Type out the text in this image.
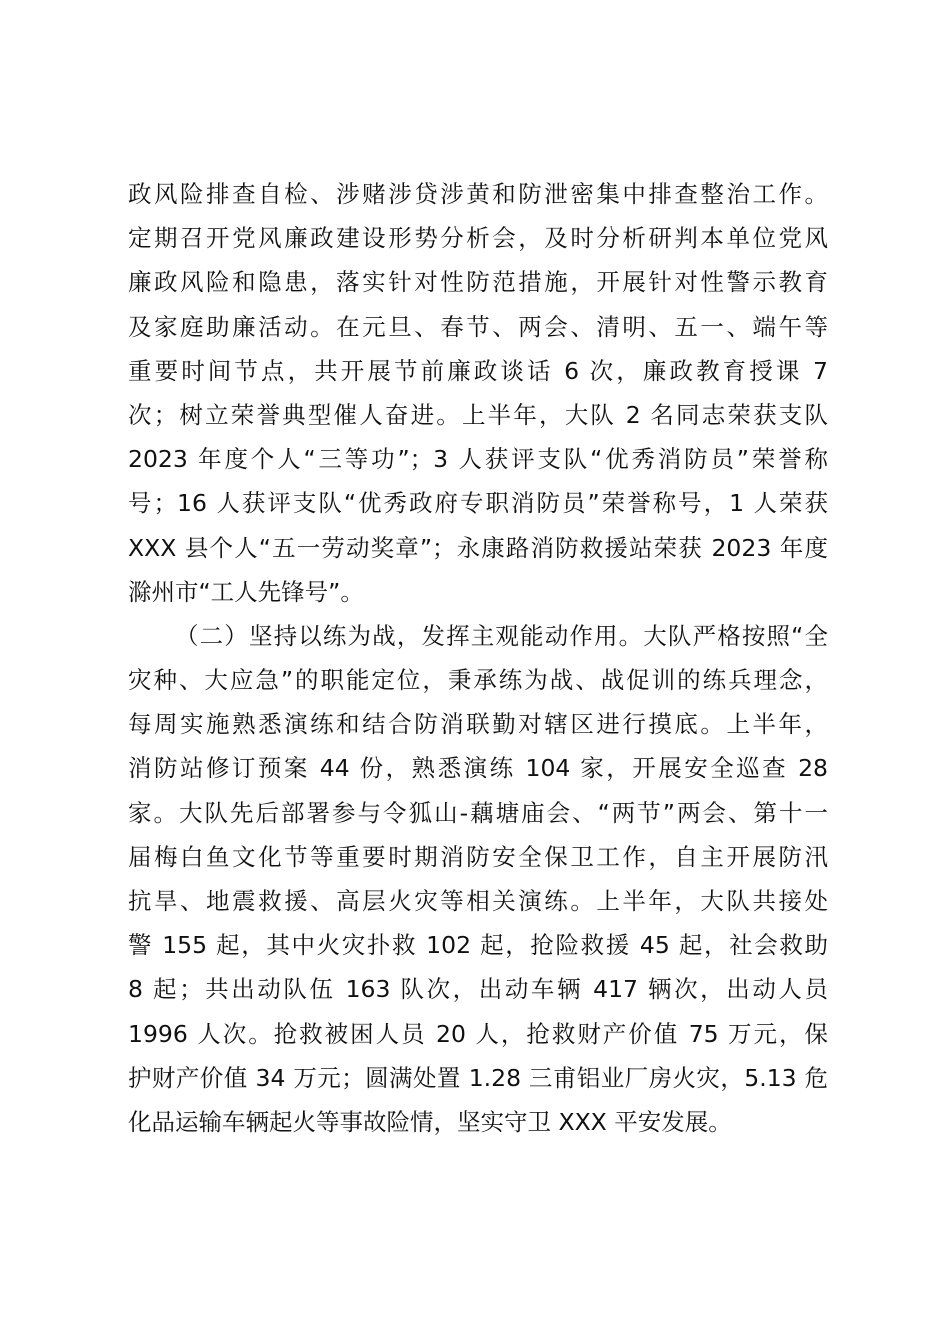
政风险排查自检、涉赌涉贷涉黄和防泄密集中排查整治工作。
定期召开党风廉政建设形势分析会，及时分析研判本单位党风
廉政风险和隐患，落实针对性防范措施，开展针对性警示教育
及家庭助廉活动。在元旦、春节、两会、清明、五一、端午等
重要时间节点，共开展节前廉政谈话 6 次，廉政教育授课 7
次；树立荣誉典型催人奋进。上半年，大队 2 名同志荣获支队
2023 年度个人“三等功”；3 人获评支队“优秀消防员”荣誉称
号；16 人获评支队“优秀政府专职消防员”荣誉称号，1 人荣获
XXX 县个人“五一劳动奖章”；永康路消防救援站荣获 2023 年度
滁州市“工人先锋号”。
（二）坚持以练为战，发挥主观能动作用。大队严格按照“全
灾种、大应急”的职能定位，秉承练为战、战促训的练兵理念，
每周实施熟悉演练和结合防消联勤对辖区进行摸底。上半年，
消防站修订预案 44 份，熟悉演练 104 家，开展安全巡查 28
家。大队先后部署参与令狐山-藕塘庙会、“两节”两会、第十一
届梅白鱼文化节等重要时期消防安全保卫工作，自主开展防汛
抗旱、地震救援、高层火灾等相关演练。上半年，大队共接处
警 155 起，其中火灾扑救 102 起，抢险救援 45 起，社会救助
8 起；共出动队伍 163 队次，出动车辆 417 辆次，出动人员
1996 人次。抢救被困人员 20 人，抢救财产价值 75 万元，保
护财产价值 34 万元；圆满处置 1.28 三甫铝业厂房火灾，5.13 危
化品运输车辆起火等事故险情，坚实守卫 XXX 平安发展。
